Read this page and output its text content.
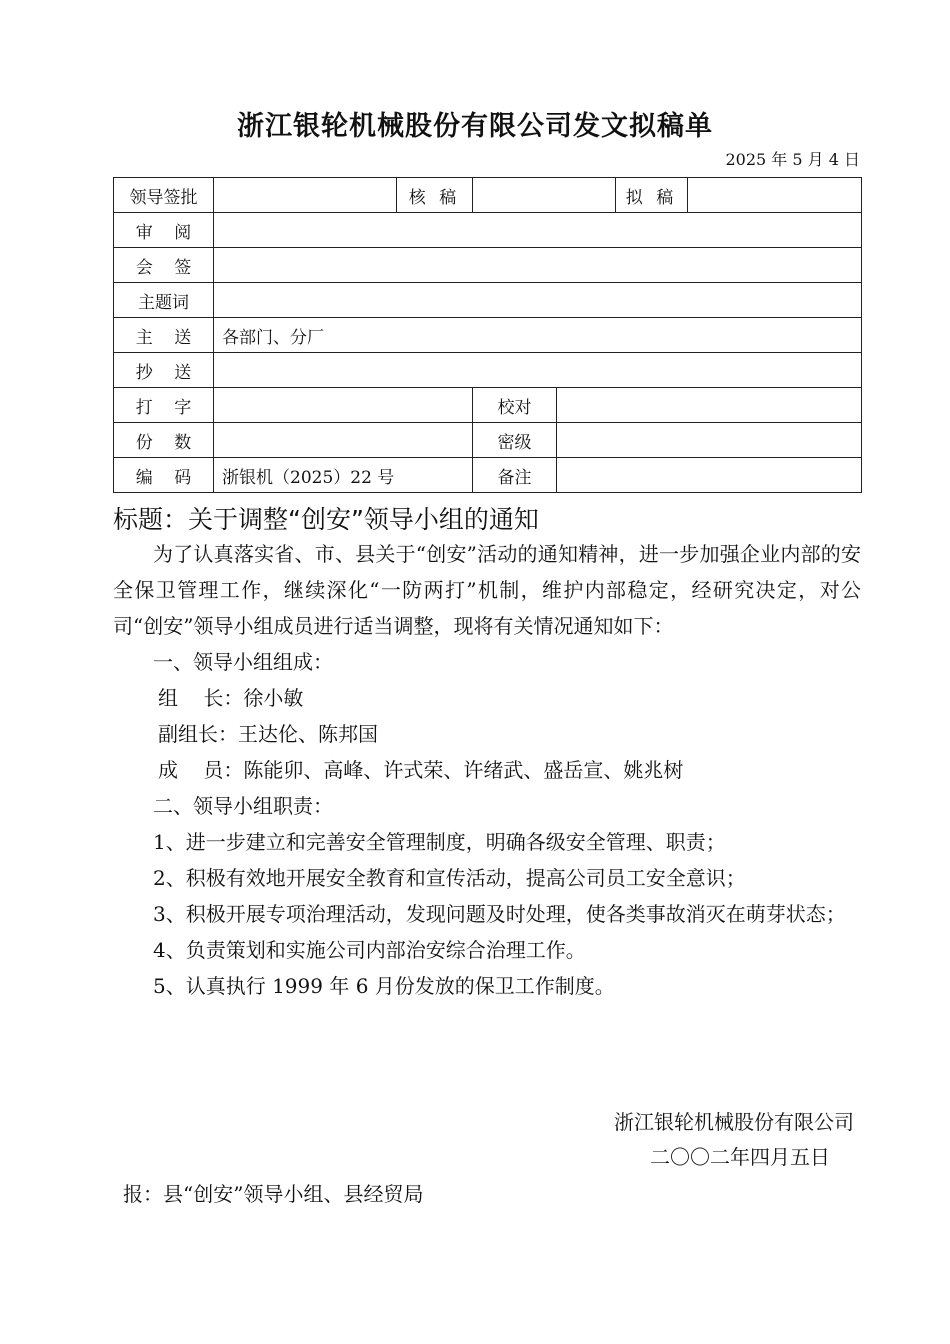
浙江银轮机械股份有限公司发文拟稿单
2025 年 5 月 4 日
领导签批		核 稿			拟 稿	
审    阅						
会    签						
主题词						
主    送	各部门、分厂					
抄    送						
打    字			校对			
份    数			密级			
编    码	浙银机（2025）22 号		备注			
标题：关于调整“创安”领导小组的通知

为了认真落实省、市、县关于“创安”活动的通知精神，进一步加强企业内部的安全保卫管理工作，继续深化“一防两打”机制，维护内部稳定，经研究决定，对公司“创安”领导小组成员进行适当调整，现将有关情况通知如下：

一、领导小组组成：

组    长：徐小敏

副组长：王达伦、陈邦国

成    员：陈能卯、高峰、许式荣、许绪武、盛岳宣、姚兆树

二、领导小组职责：

1、进一步建立和完善安全管理制度，明确各级安全管理、职责；

2、积极有效地开展安全教育和宣传活动，提高公司员工安全意识；

3、积极开展专项治理活动，发现问题及时处理，使各类事故消灭在萌芽状态；

4、负责策划和实施公司内部治安综合治理工作。

5、认真执行 1999 年 6 月份发放的保卫工作制度。

浙江银轮机械股份有限公司
二〇〇二年四月五日
报：县“创安”领导小组、县经贸局
